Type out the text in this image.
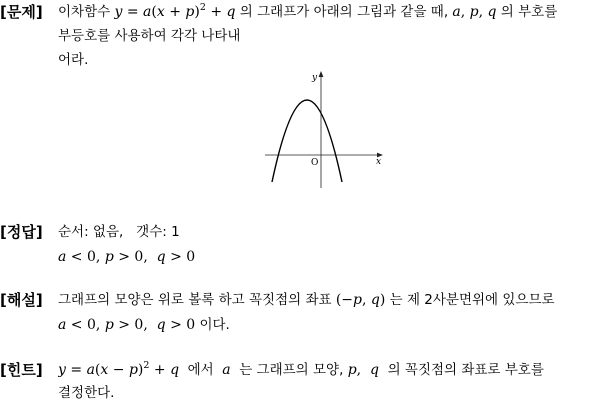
[문제] 이차함수 $y = a(x + p)^2 + q$ 의 그래프가 아래의 그림과 같을 때, a, p, q 의 부호를
부등호를 사용하여 각각 나타내
어라.
y
x
O
[정답] 순서: 없음,   갯수: 1
a < 0, p > 0,  q > 0
[해설] 그래프의 모양은 위로 볼록 하고 꼭짓점의 좌표 (−p, q) 는 제 2사분면위에 있으므로
a < 0, p > 0,  q > 0 이다.
[힌트] $y = a(x - p)^2 + q$  에서  a  는 그래프의 모양, p,  q  의 꼭짓점의 좌표로 부호를
결정한다.
